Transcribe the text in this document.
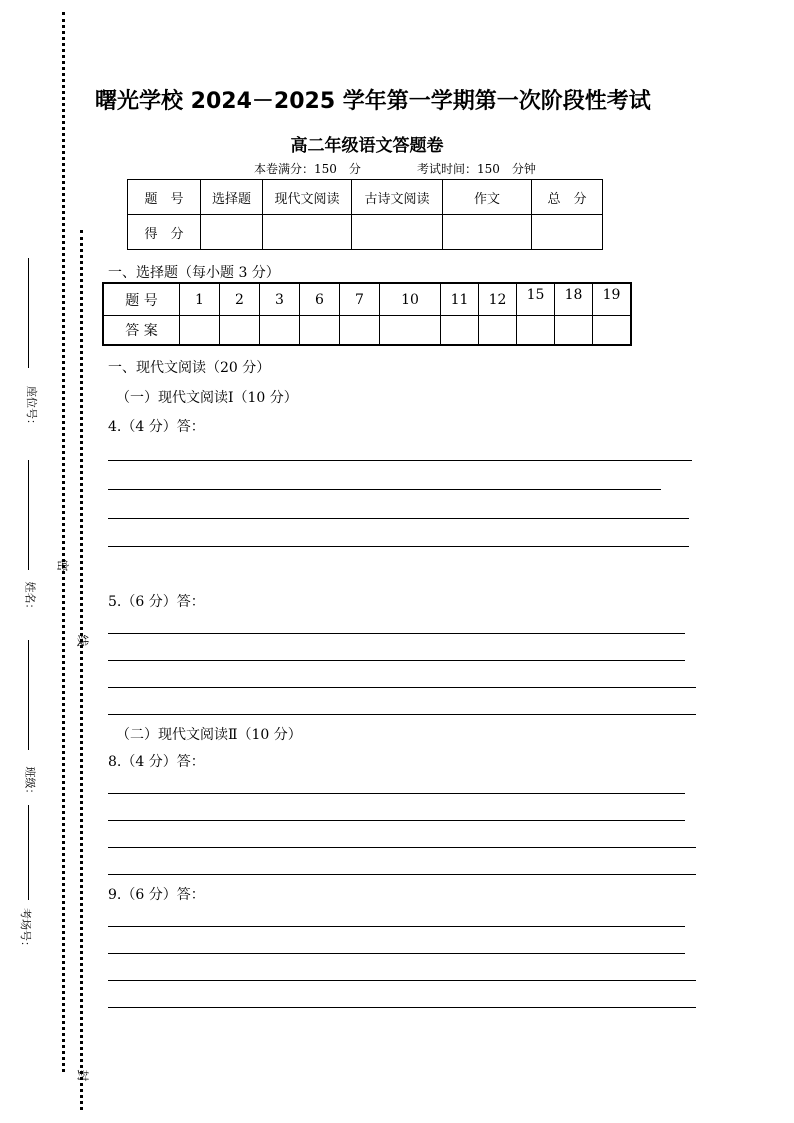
座位号：
姓名：
班级：
考场号：
密
线
封
曙光学校 2024－2025 学年第一学期第一次阶段性考试
高二年级语文答题卷
本卷满分：150　分	考试时间：150　分钟
题　号	选择题	现代文阅读	古诗文阅读	作文	总　分
得　分					
一、选择题（每小题 3 分）
题 号	1	2	3	6	7	10	11	12	15	18	19
答 案											
一、现代文阅读（20 分）
（一）现代文阅读Ⅰ（10 分）
4.（4 分）答：
5.（6 分）答：
（二）现代文阅读Ⅱ（10 分）
8.（4 分）答：
9.（6 分）答：
